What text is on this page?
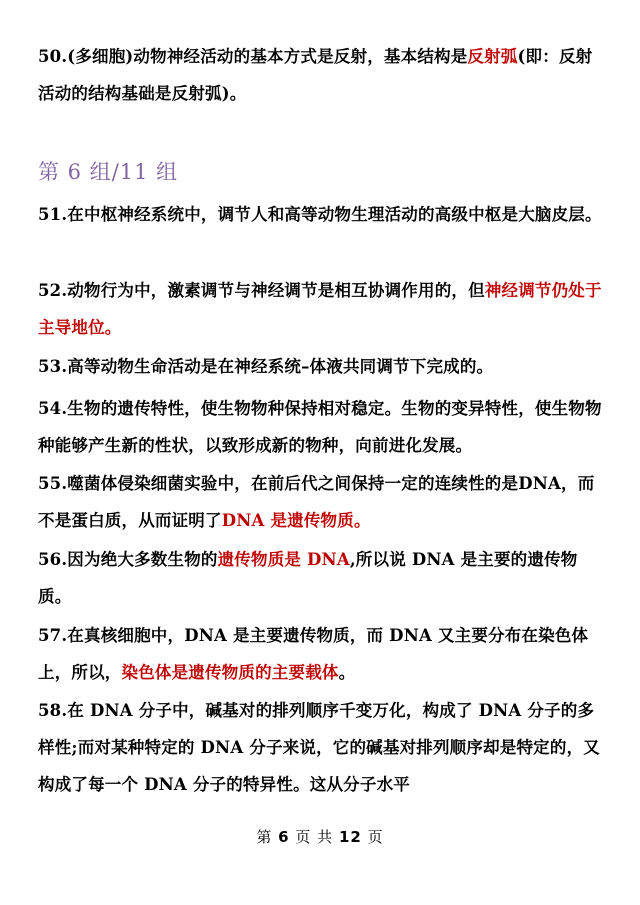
50.(多细胞)动物神经活动的基本方式是反射，基本结构是反射弧(即：反射活动的结构基础是反射弧)。
第 6 组/11 组
51.在中枢神经系统中，调节人和高等动物生理活动的高级中枢是大脑皮层。
52.动物行为中，激素调节与神经调节是相互协调作用的，但神经调节仍处于主导地位。
53.高等动物生命活动是在神经系统–体液共同调节下完成的。
54.生物的遗传特性，使生物物种保持相对稳定。生物的变异特性，使生物物种能够产生新的性状，以致形成新的物种，向前进化发展。
55.噬菌体侵染细菌实验中，在前后代之间保持一定的连续性的是DNA，而不是蛋白质，从而证明了DNA 是遗传物质。
56.因为绝大多数生物的遗传物质是 DNA,所以说 DNA 是主要的遗传物质。
57.在真核细胞中，DNA 是主要遗传物质，而 DNA 又主要分布在染色体上，所以，染色体是遗传物质的主要载体。
58.在 DNA 分子中，碱基对的排列顺序千变万化，构成了 DNA 分子的多样性;而对某种特定的 DNA 分子来说，它的碱基对排列顺序却是特定的，又构成了每一个 DNA 分子的特异性。这从分子水平
第 6 页 共 12 页
